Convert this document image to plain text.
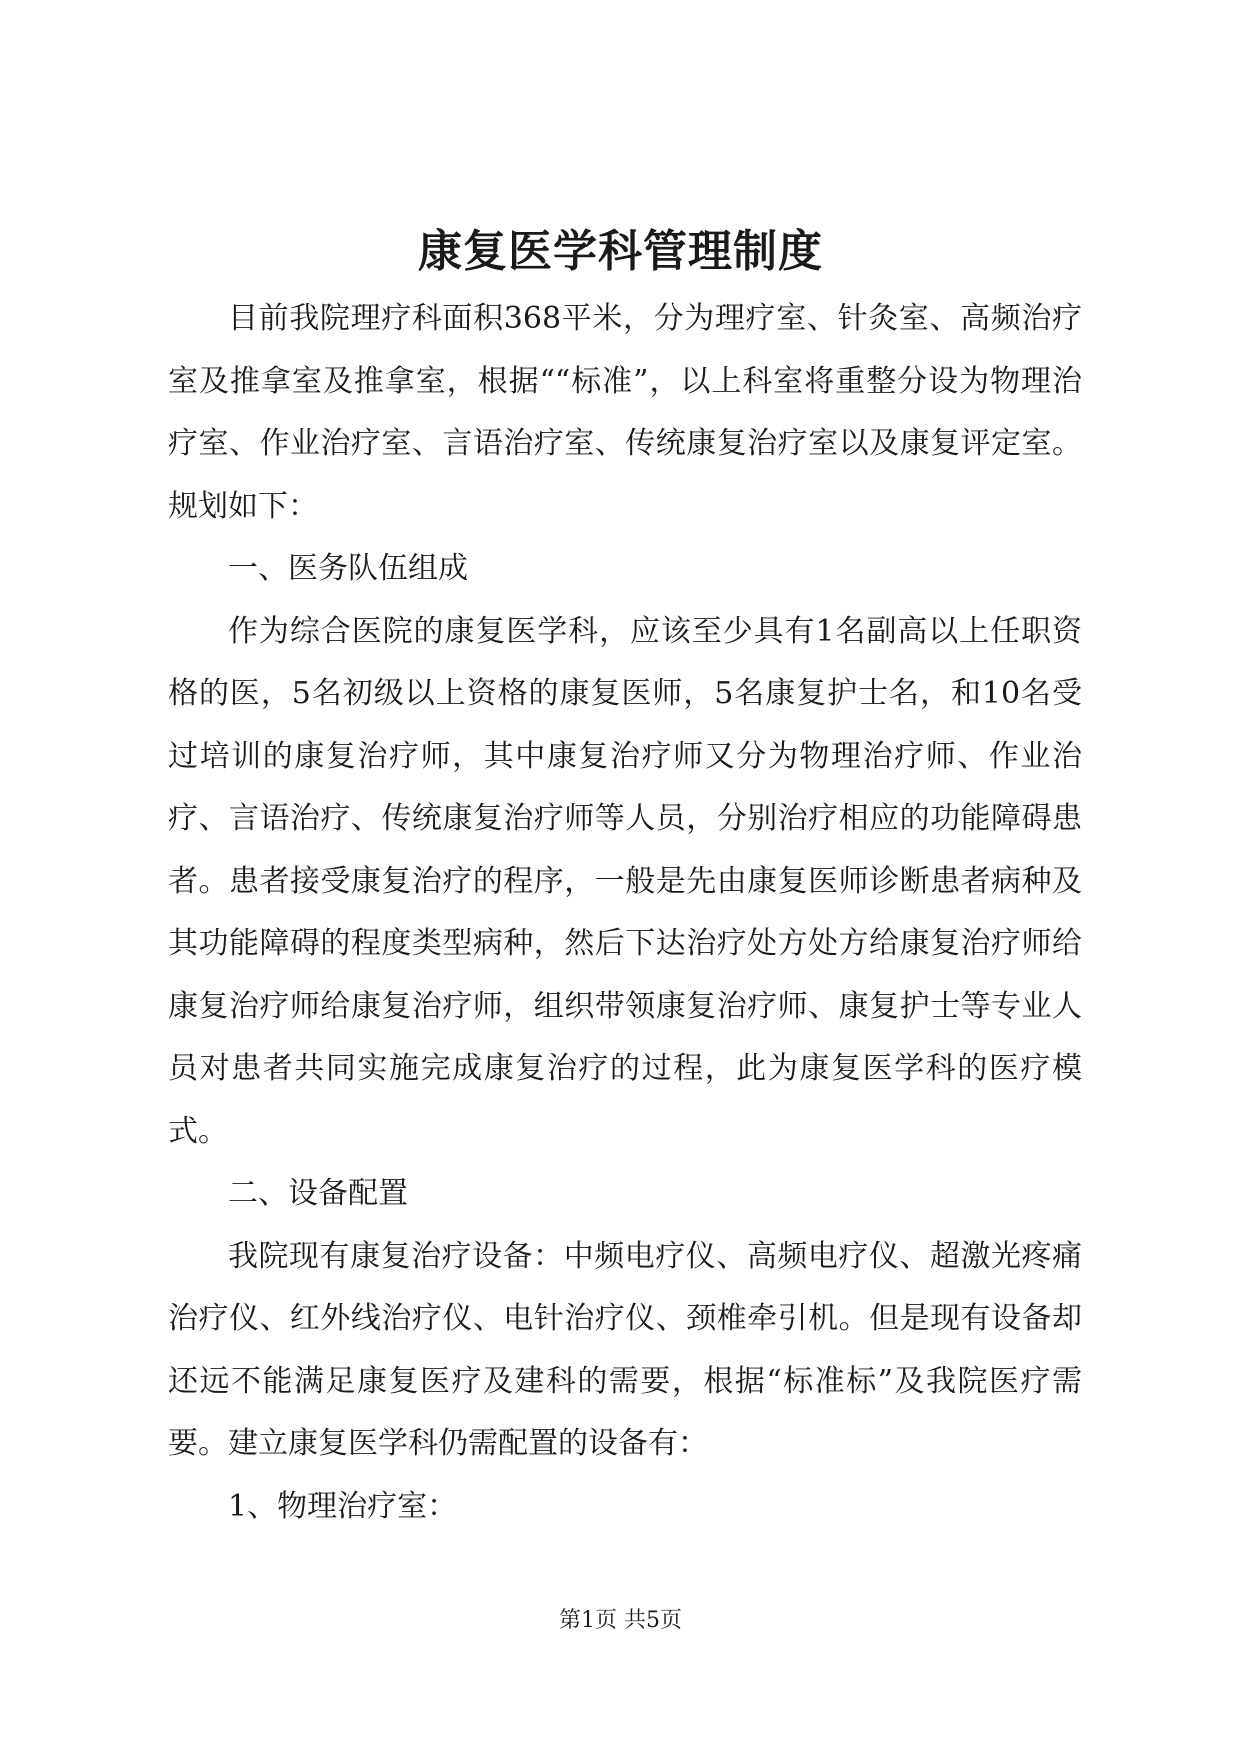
康复医学科管理制度

目前我院理疗科面积368平米，分为理疗室、针灸室、高频治疗室及推拿室及推拿室，根据““标准”，以上科室将重整分设为物理治疗室、作业治疗室、言语治疗室、传统康复治疗室以及康复评定室。规划如下：

一、医务队伍组成

作为综合医院的康复医学科，应该至少具有1名副高以上任职资格的医，5名初级以上资格的康复医师，5名康复护士名，和10名受过培训的康复治疗师，其中康复治疗师又分为物理治疗师、作业治疗、言语治疗、传统康复治疗师等人员，分别治疗相应的功能障碍患者。患者接受康复治疗的程序，一般是先由康复医师诊断患者病种及其功能障碍的程度类型病种，然后下达治疗处方处方给康复治疗师给康复治疗师给康复治疗师，组织带领康复治疗师、康复护士等专业人员对患者共同实施完成康复治疗的过程，此为康复医学科的医疗模式。

二、设备配置

我院现有康复治疗设备：中频电疗仪、高频电疗仪、超激光疼痛治疗仪、红外线治疗仪、电针治疗仪、颈椎牵引机。但是现有设备却还远不能满足康复医疗及建科的需要，根据“标准标”及我院医疗需要。建立康复医学科仍需配置的设备有：

1、物理治疗室：

第1页 共5页
